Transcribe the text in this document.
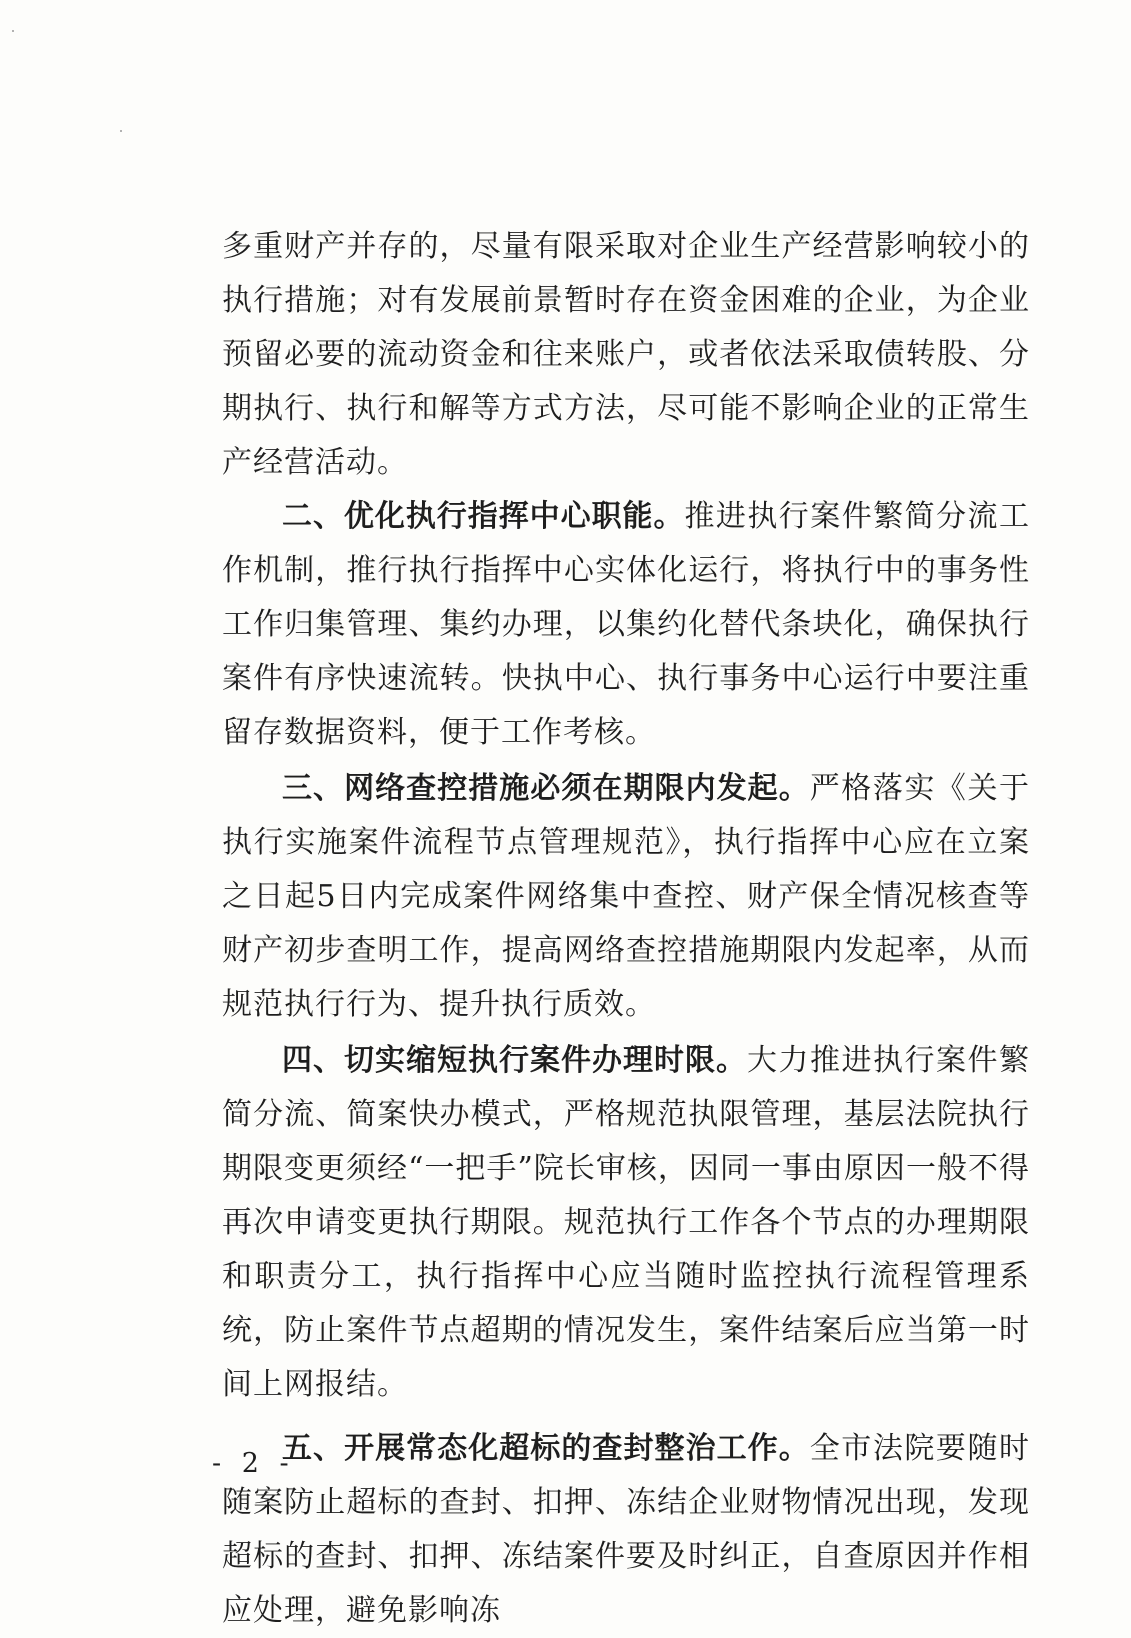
多重财产并存的，尽量有限采取对企业生产经营影响较小的执行措施；对有发展前景暂时存在资金困难的企业，为企业预留必要的流动资金和往来账户，或者依法采取债转股、分期执行、执行和解等方式方法，尽可能不影响企业的正常生产经营活动。

二、优化执行指挥中心职能。推进执行案件繁简分流工作机制，推行执行指挥中心实体化运行，将执行中的事务性工作归集管理、集约办理，以集约化替代条块化，确保执行案件有序快速流转。快执中心、执行事务中心运行中要注重留存数据资料，便于工作考核。

三、网络查控措施必须在期限内发起。严格落实《关于执行实施案件流程节点管理规范》，执行指挥中心应在立案之日起5日内完成案件网络集中查控、财产保全情况核查等财产初步查明工作，提高网络查控措施期限内发起率，从而规范执行行为、提升执行质效。

四、切实缩短执行案件办理时限。大力推进执行案件繁简分流、简案快办模式，严格规范执限管理，基层法院执行期限变更须经“一把手”院长审核，因同一事由原因一般不得再次申请变更执行期限。规范执行工作各个节点的办理期限和职责分工，执行指挥中心应当随时监控执行流程管理系统，防止案件节点超期的情况发生，案件结案后应当第一时间上网报结。

五、开展常态化超标的查封整治工作。全市法院要随时随案防止超标的查封、扣押、冻结企业财物情况出现，发现超标的查封、扣押、冻结案件要及时纠正，自查原因并作相应处理，避免影响冻

- 2 -
